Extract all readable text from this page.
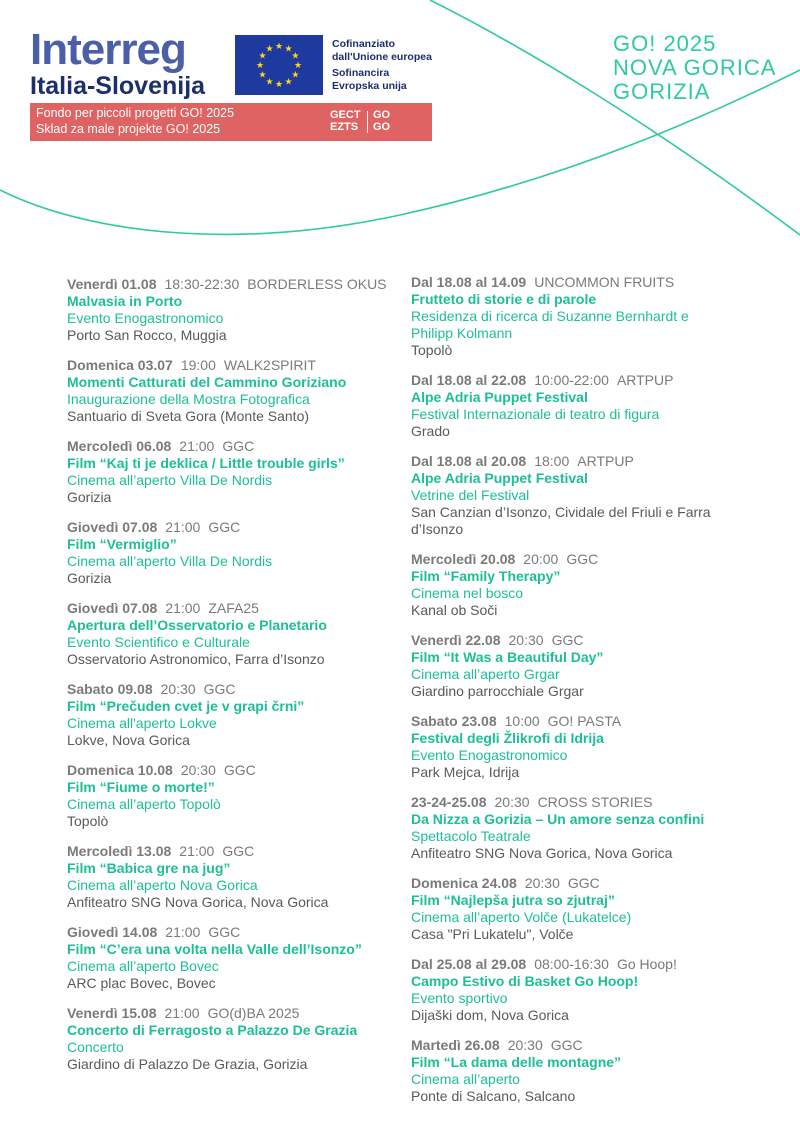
Interreg
Italia-Slovenija
★ ★
★
★
★
★
★
★
★
★
★
★	Cofinanziato
dall'Unione europea
Sofinancira
Evropska unija
Fondo per piccoli progetti GO! 2025
Sklad za male projekte GO! 2025
GECT
EZTS
GO
GO
GO! 2025
NOVA GORICA
GORIZIA
Venerdì 01.08 18:30-22:30 BORDERLESS OKUS
Malvasia in Porto
Evento Enogastronomico
Porto San Rocco, Muggia
Domenica 03.07 19:00 WALK2SPIRIT
Momenti Catturati del Cammino Goriziano
Inaugurazione della Mostra Fotografica
Santuario di Sveta Gora (Monte Santo)
Mercoledì 06.08 21:00 GGC
Film “Kaj ti je deklica / Little trouble girls”
Cinema all’aperto Villa De Nordis
Gorizia
Giovedì 07.08 21:00 GGC
Film “Vermiglio”
Cinema all’aperto Villa De Nordis
Gorizia
Giovedì 07.08 21:00 ZAFA25
Apertura dell’Osservatorio e Planetario
Evento Scientifico e Culturale
Osservatorio Astronomico, Farra d’Isonzo
Sabato 09.08 20:30 GGC
Film “Prečuden cvet je v grapi črni”
Cinema all'aperto Lokve
Lokve, Nova Gorica
Domenica 10.08 20:30 GGC
Film “Fiume o morte!”
Cinema all’aperto Topolò
Topolò
Mercoledì 13.08 21:00 GGC
Film “Babica gre na jug”
Cinema all’aperto Nova Gorica
Anfiteatro SNG Nova Gorica, Nova Gorica
Giovedì 14.08 21:00 GGC
Film “C’era una volta nella Valle dell’Isonzo”
Cinema all’aperto Bovec
ARC plac Bovec, Bovec
Venerdì 15.08 21:00 GO(d)BA 2025
Concerto di Ferragosto a Palazzo De Grazia
Concerto
Giardino di Palazzo De Grazia, Gorizia
Dal 18.08 al 14.09 UNCOMMON FRUITS
Frutteto di storie e di parole
Residenza di ricerca di Suzanne Bernhardt e Philipp Kolmann
Topolò
Dal 18.08 al 22.08 10:00-22:00 ARTPUP
Alpe Adria Puppet Festival
Festival Internazionale di teatro di figura
Grado
Dal 18.08 al 20.08 18:00 ARTPUP
Alpe Adria Puppet Festival
Vetrine del Festival
San Canzian d’Isonzo, Cividale del Friuli e Farra d’Isonzo
Mercoledì 20.08 20:00 GGC
Film “Family Therapy”
Cinema nel bosco
Kanal ob Soči
Venerdì 22.08 20:30 GGC
Film “It Was a Beautiful Day”
Cinema all’aperto Grgar
Giardino parrocchiale Grgar
Sabato 23.08 10:00 GO! PASTA
Festival degli Žlikrofi di Idrija
Evento Enogastronomico
Park Mejca, Idrija
23-24-25.08 20:30 CROSS STORIES
Da Nizza a Gorizia – Un amore senza confini
Spettacolo Teatrale
Anfiteatro SNG Nova Gorica, Nova Gorica
Domenica 24.08 20:30 GGC
Film “Najlepša jutra so zjutraj”
Cinema all’aperto Volče (Lukatelce)
Casa "Pri Lukatelu", Volče
Dal 25.08 al 29.08 08:00-16:30 Go Hoop!
Campo Estivo di Basket Go Hoop!
Evento sportivo
Dijaški dom, Nova Gorica
Martedì 26.08 20:30 GGC
Film “La dama delle montagne”
Cinema all’aperto
Ponte di Salcano, Salcano
